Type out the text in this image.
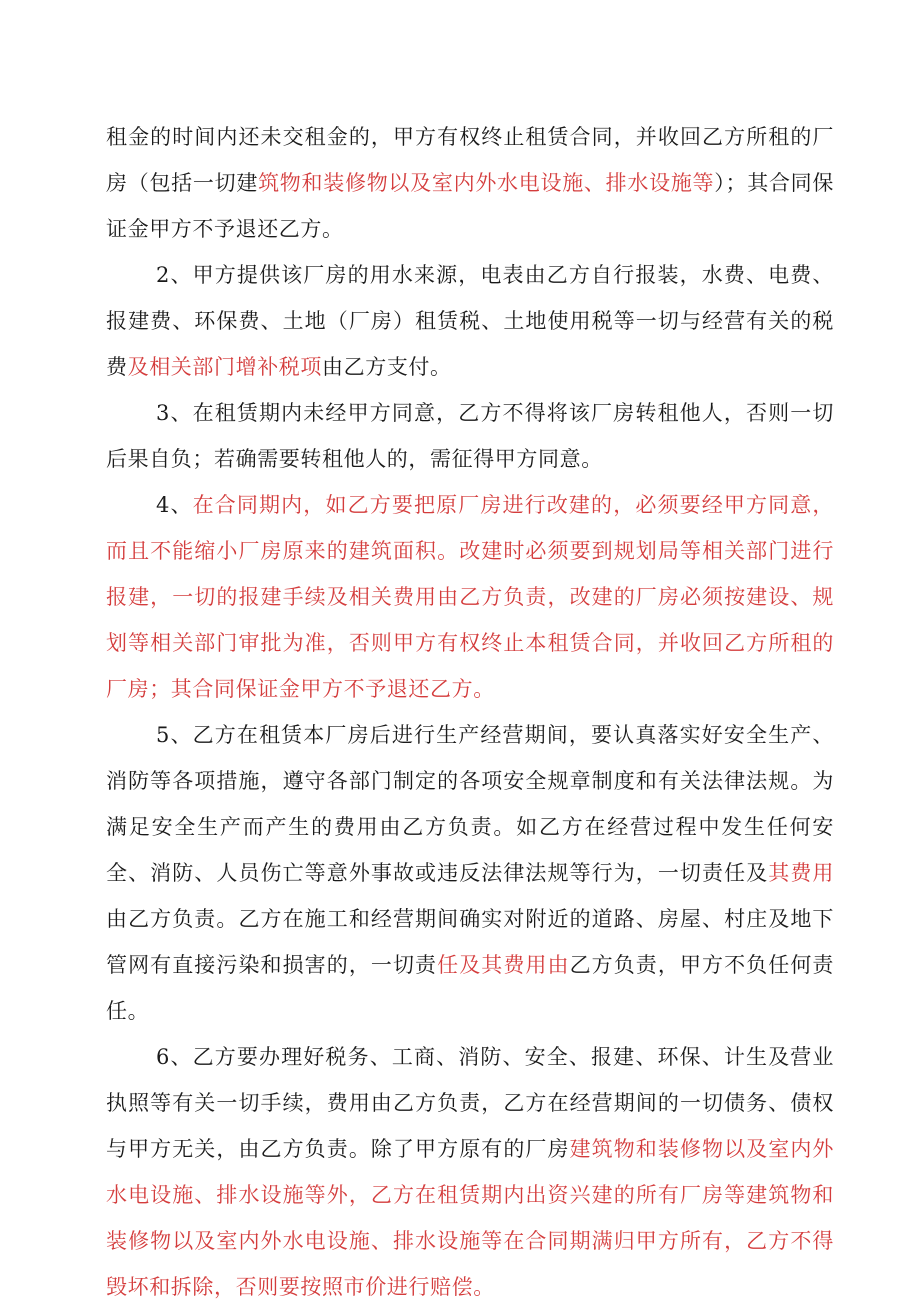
租金的时间内还未交租金的，甲方有权终止租赁合同，并收回乙方所租的厂房（包括一切建筑物和装修物以及室内外水电设施、排水设施等）；其合同保证金甲方不予退还乙方。

2、甲方提供该厂房的用水来源，电表由乙方自行报装，水费、电费、报建费、环保费、土地（厂房）租赁税、土地使用税等一切与经营有关的税费及相关部门增补税项由乙方支付。

3、在租赁期内未经甲方同意，乙方不得将该厂房转租他人，否则一切后果自负；若确需要转租他人的，需征得甲方同意。

4、在合同期内，如乙方要把原厂房进行改建的，必须要经甲方同意，而且不能缩小厂房原来的建筑面积。改建时必须要到规划局等相关部门进行报建，一切的报建手续及相关费用由乙方负责，改建的厂房必须按建设、规划等相关部门审批为准，否则甲方有权终止本租赁合同，并收回乙方所租的厂房；其合同保证金甲方不予退还乙方。

5、乙方在租赁本厂房后进行生产经营期间，要认真落实好安全生产、消防等各项措施，遵守各部门制定的各项安全规章制度和有关法律法规。为满足安全生产而产生的费用由乙方负责。如乙方在经营过程中发生任何安全、消防、人员伤亡等意外事故或违反法律法规等行为，一切责任及其费用由乙方负责。乙方在施工和经营期间确实对附近的道路、房屋、村庄及地下管网有直接污染和损害的，一切责任及其费用由乙方负责，甲方不负任何责任。

6、乙方要办理好税务、工商、消防、安全、报建、环保、计生及营业执照等有关一切手续，费用由乙方负责，乙方在经营期间的一切债务、债权与甲方无关，由乙方负责。除了甲方原有的厂房建筑物和装修物以及室内外水电设施、排水设施等外，乙方在租赁期内出资兴建的所有厂房等建筑物和装修物以及室内外水电设施、排水设施等在合同期满归甲方所有，乙方不得毁坏和拆除，否则要按照市价进行赔偿。
